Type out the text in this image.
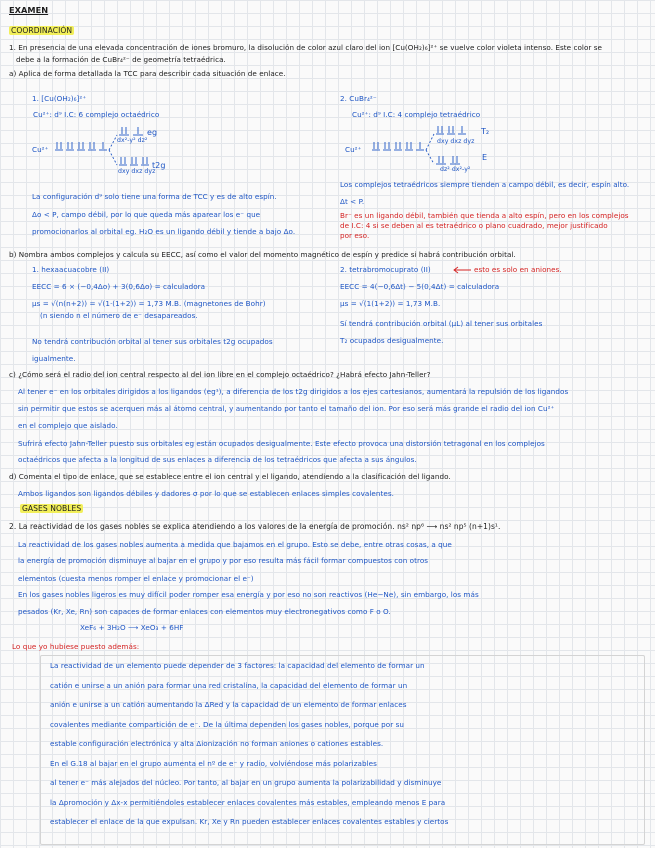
EXAMEN
COORDINACIÓN
1. En presencia de una elevada concentración de iones bromuro, la disolución de color azul claro del ion [Cu(OH₂)₆]²⁺ se vuelve color violeta intenso. Este color se
debe a la formación de CuBr₄²⁻ de geometría tetraédrica.
a) Aplica de forma detallada la TCC para describir cada situación de enlace.
1. [Cu(OH₂)₆]²⁺
Cu²⁺: d⁹ I.C: 6 complejo octaédrico
Cu²⁺
eg
dx²-y² dz²
t2g
dxy dxz dyz
2. CuBr₄²⁻
Cu²⁺: d⁹ I.C: 4 complejo tetraédrico
Cu²⁺
T₂
dxy dxz dyz
E
dz² dx²-y²
La configuración d⁹ solo tiene una forma de TCC y es de alto espín.
Δo < P, campo débil, por lo que queda más aparear los e⁻ que
promocionarlos al orbital eg. H₂O es un ligando débil y tiende a bajo Δo.
Los complejos tetraédricos siempre tienden a campo débil, es decir, espín alto.
Δt < P.
Br⁻ es un ligando débil, también que tienda a alto espín, pero en los complejos
de I.C: 4 si se deben al es tetraédrico o plano cuadrado, mejor justificado
por eso.
b) Nombra ambos complejos y calcula su EECC, así como el valor del momento magnético de espín y predice si habrá contribución orbital.
1. hexaacuacobre (II)
EECC = 6 × (−0,4Δo) + 3(0,6Δo) = calculadora
μs = √(n(n+2)) = √(1·(1+2)) = 1,73 M.B. (magnetones de Bohr)
(n siendo n el número de e⁻ desapareados.
No tendrá contribución orbital al tener sus orbitales t2g ocupados
igualmente.
2. tetrabromocuprato (II)	esto es solo en aniones.
EECC = 4(−0,6Δt) − 5(0,4Δt) = calculadora
μs = √(1(1+2)) = 1,73 M.B.
Sí tendrá contribución orbital (μL) al tener sus orbitales
T₂ ocupados desigualmente.
c) ¿Cómo será el radio del ion central respecto al del ion libre en el complejo octaédrico? ¿Habrá efecto Jahn-Teller?
Al tener e⁻ en los orbitales dirigidos a los ligandos (eg¹), a diferencia de los t2g dirigidos a los ejes cartesianos, aumentará la repulsión de los ligandos
sin permitir que estos se acerquen más al átomo central, y aumentando por tanto el tamaño del ion. Por eso será más grande el radio del ion Cu²⁺
en el complejo que aislado.
Sufrirá efecto Jahn-Teller puesto sus orbitales eg están ocupados desigualmente. Este efecto provoca una distorsión tetragonal en los complejos
octaédricos que afecta a la longitud de sus enlaces a diferencia de los tetraédricos que afecta a sus ángulos.
d) Comenta el tipo de enlace, que se establece entre el ion central y el ligando, atendiendo a la clasificación del ligando.
Ambos ligandos son ligandos débiles y dadores σ por lo que se establecen enlaces simples covalentes.
GASES NOBLES
2. La reactividad de los gases nobles se explica atendiendo a los valores de la energía de promoción. ns² np⁶ ⟶ ns² np⁵ (n+1)s¹.
La reactividad de los gases nobles aumenta a medida que bajamos en el grupo. Esto se debe, entre otras cosas, a que
la energía de promoción disminuye al bajar en el grupo y por eso resulta más fácil formar compuestos con otros
elementos (cuesta menos romper el enlace y promocionar el e⁻)
En los gases nobles ligeros es muy difícil poder romper esa energía y por eso no son reactivos (He−Ne), sin embargo, los más
pesados (Kr, Xe, Rn) son capaces de formar enlaces con elementos muy electronegativos como F o O.
XeF₆ + 3H₂O ⟶ XeO₃ + 6HF
Lo que yo hubiese puesto además:
La reactividad de un elemento puede depender de 3 factores: la capacidad del elemento de formar un
catión e unirse a un anión para formar una red cristalina, la capacidad del elemento de formar un
anión e unirse a un catión aumentando la ΔRed y la capacidad de un elemento de formar enlaces
covalentes mediante compartición de e⁻. De la última dependen los gases nobles, porque por su
estable configuración electrónica y alta Δionización no forman aniones o cationes estables.
En el G.18 al bajar en el grupo aumenta el nº de e⁻ y radio, volviéndose más polarizables
al tener e⁻ más alejados del núcleo. Por tanto, al bajar en un grupo aumenta la polarizabilidad y disminuye
la Δpromoción y Δx-x permitiéndoles establecer enlaces covalentes más estables, empleando menos E para
establecer el enlace de la que expulsan. Kr, Xe y Rn pueden establecer enlaces covalentes estables y ciertos
